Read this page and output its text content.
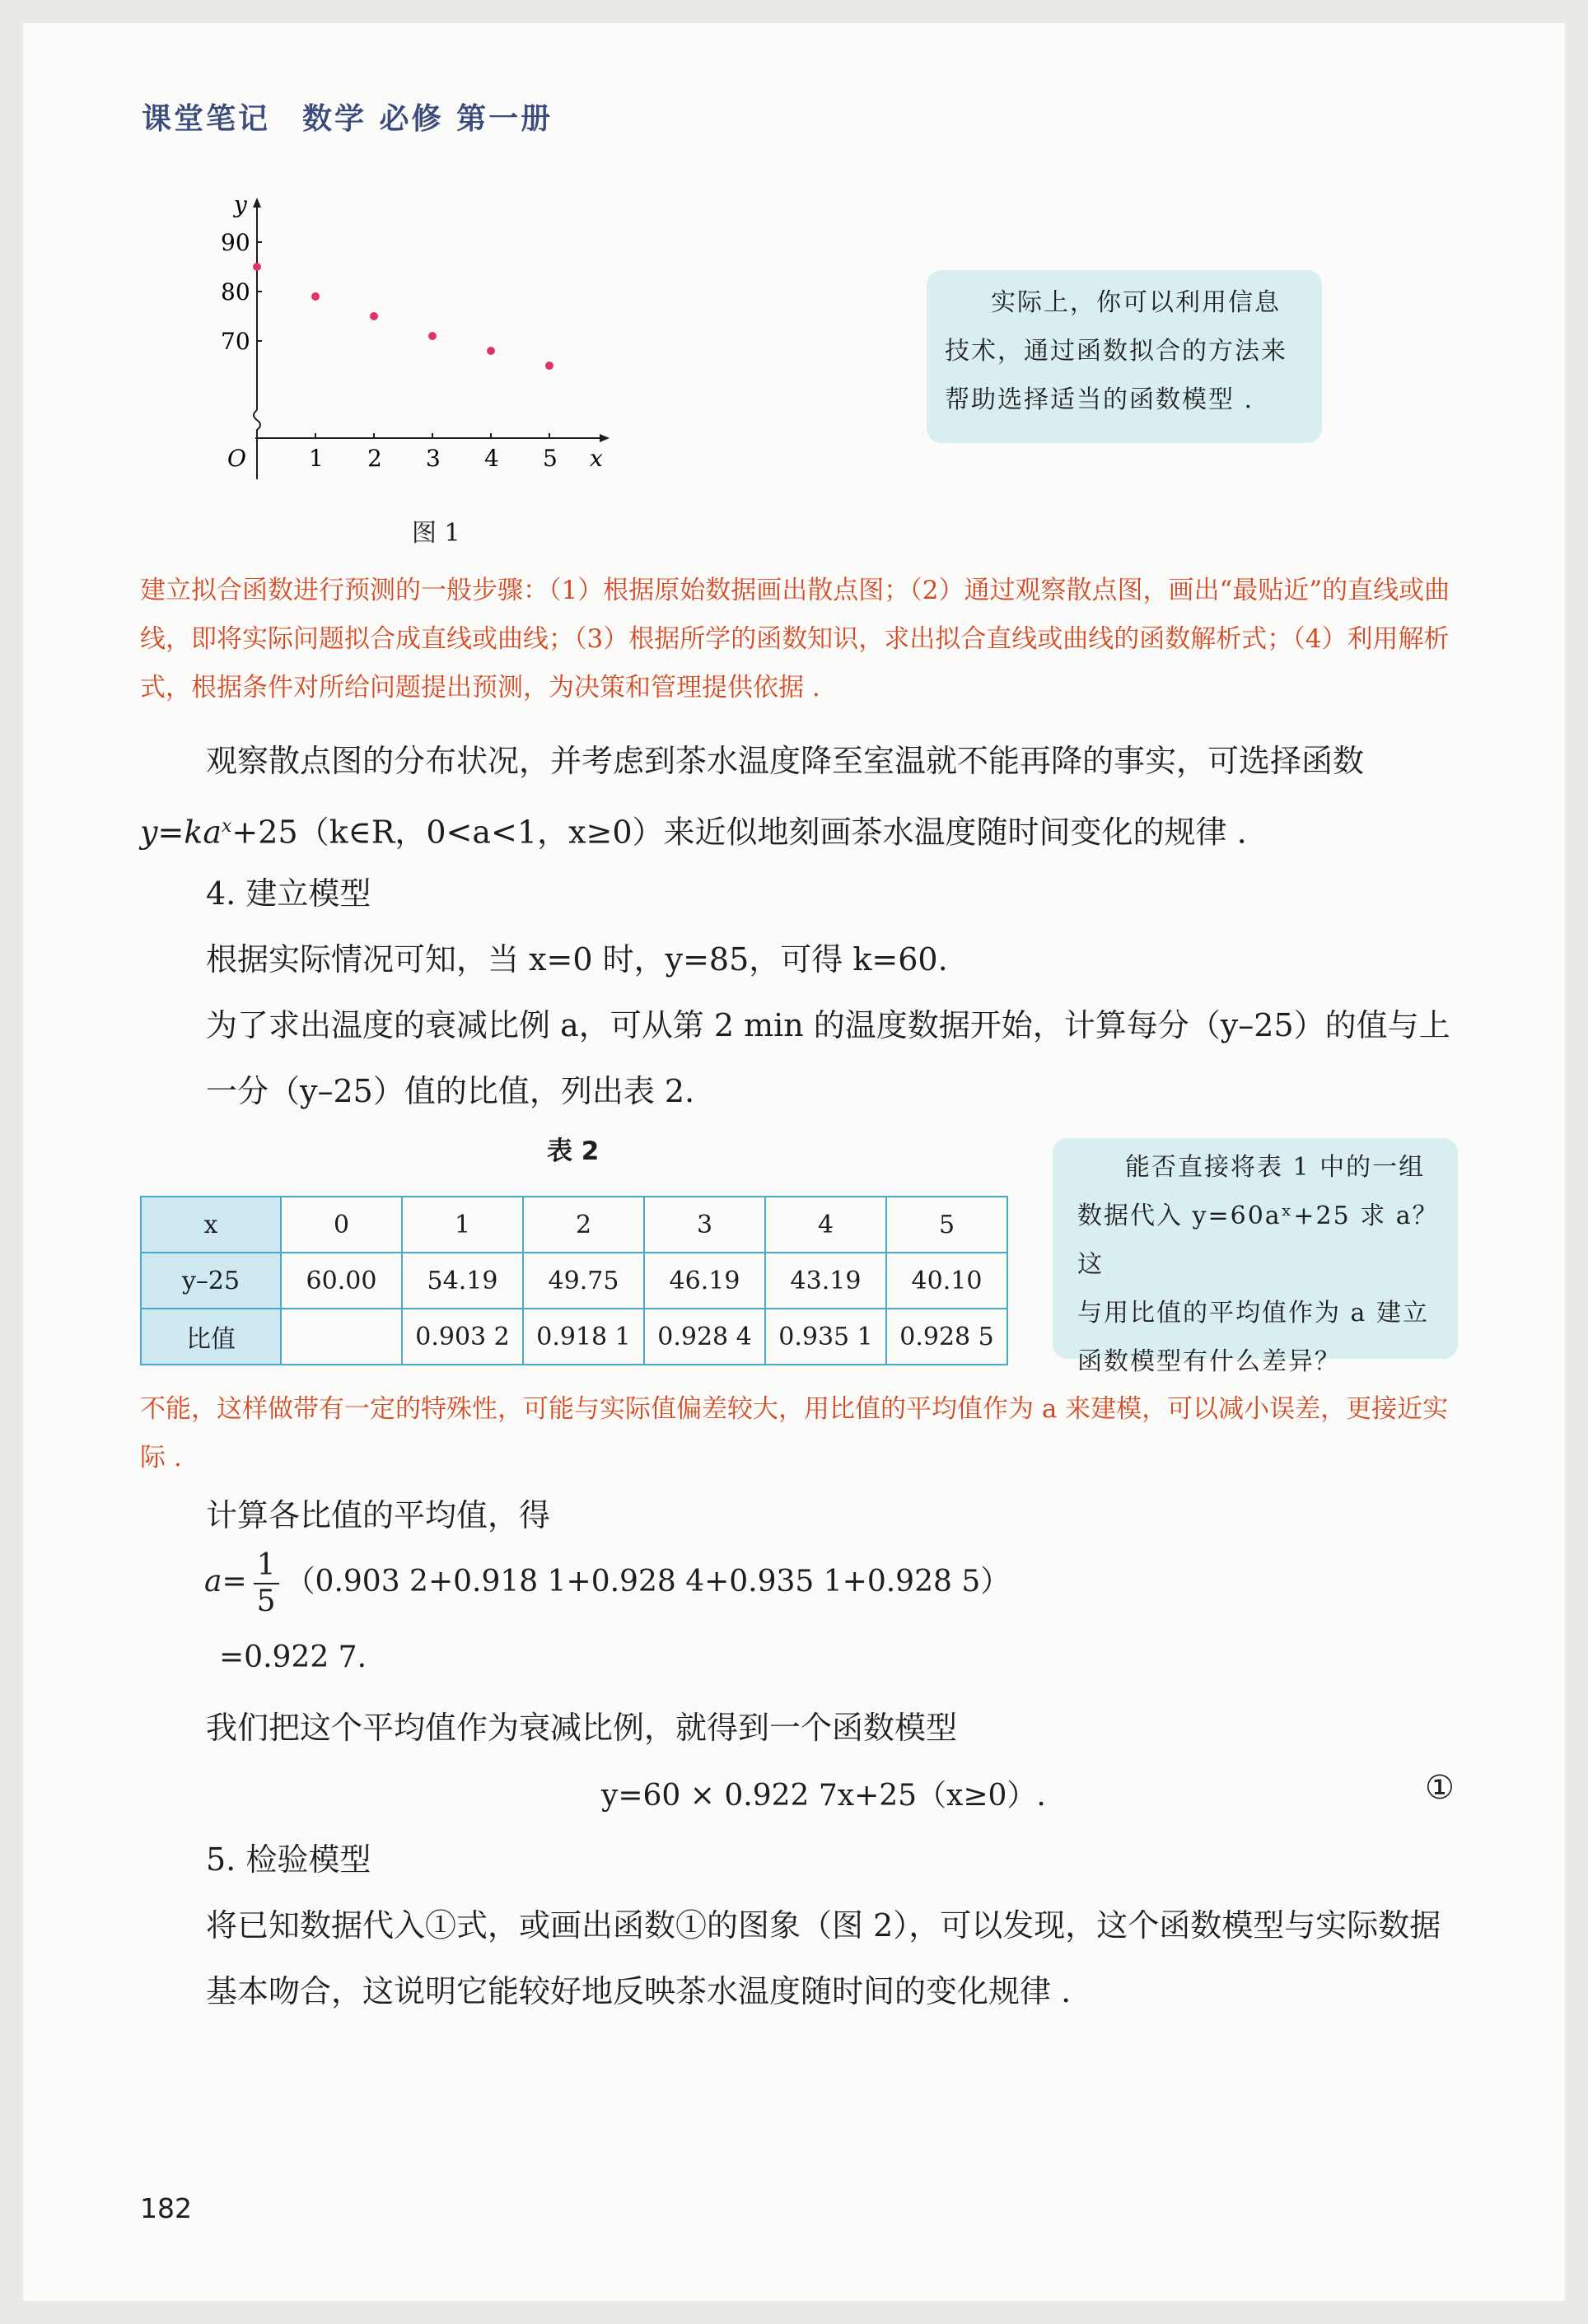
课堂笔记　数学 必修 第一册
y
x
O	1 2 3 4 5
70
80
90
图 1
实际上，你可以利用信息
技术，通过函数拟合的方法来
帮助选择适当的函数模型 .
建立拟合函数进行预测的一般步骤：（1）根据原始数据画出散点图；（2）通过观察散点图，画出“最贴近”的直线或曲线，即将实际问题拟合成直线或曲线；（3）根据所学的函数知识，求出拟合直线或曲线的函数解析式；（4）利用解析式，根据条件对所给问题提出预测，为决策和管理提供依据 .
观察散点图的分布状况，并考虑到茶水温度降至室温就不能再降的事实，可选择函数
$y=ka^x+25(k\in R$，0<a<1，x≥0）来近似地刻画茶水温度随时间变化的规律 .
4. 建立模型
根据实际情况可知，当 x=0 时，y=85，可得 k=60.
为了求出温度的衰减比例 a，可从第 2 min 的温度数据开始，计算每分（y–25）的值与上一分（y–25）值的比值，列出表 2.
表 2
x	0	1	2	3	4	5
y–25	60.00	54.19	49.75	46.19	43.19	40.10
比值		0.903 2	0.918 1	0.928 4	0.935 1	0.928 5
能否直接将表 1 中的一组
数据代入 y=60aˣ+25 求 a？这
与用比值的平均值作为 a 建立
函数模型有什么差异？
不能，这样做带有一定的特殊性，可能与实际值偏差较大，用比值的平均值作为 a 来建模，可以减小误差，更接近实际 .
计算各比值的平均值，得
$a= \frac{1}{5} (0.903$ 2+0.918 1+0.928 4+0.935 1+0.928 5）
=0.922 7.
我们把这个平均值作为衰减比例，就得到一个函数模型
y=60 × 0.922 7x+25（x≥0）.	①
5. 检验模型
将已知数据代入①式，或画出函数①的图象（图 2），可以发现，这个函数模型与实际数据基本吻合，这说明它能较好地反映茶水温度随时间的变化规律 .
182
